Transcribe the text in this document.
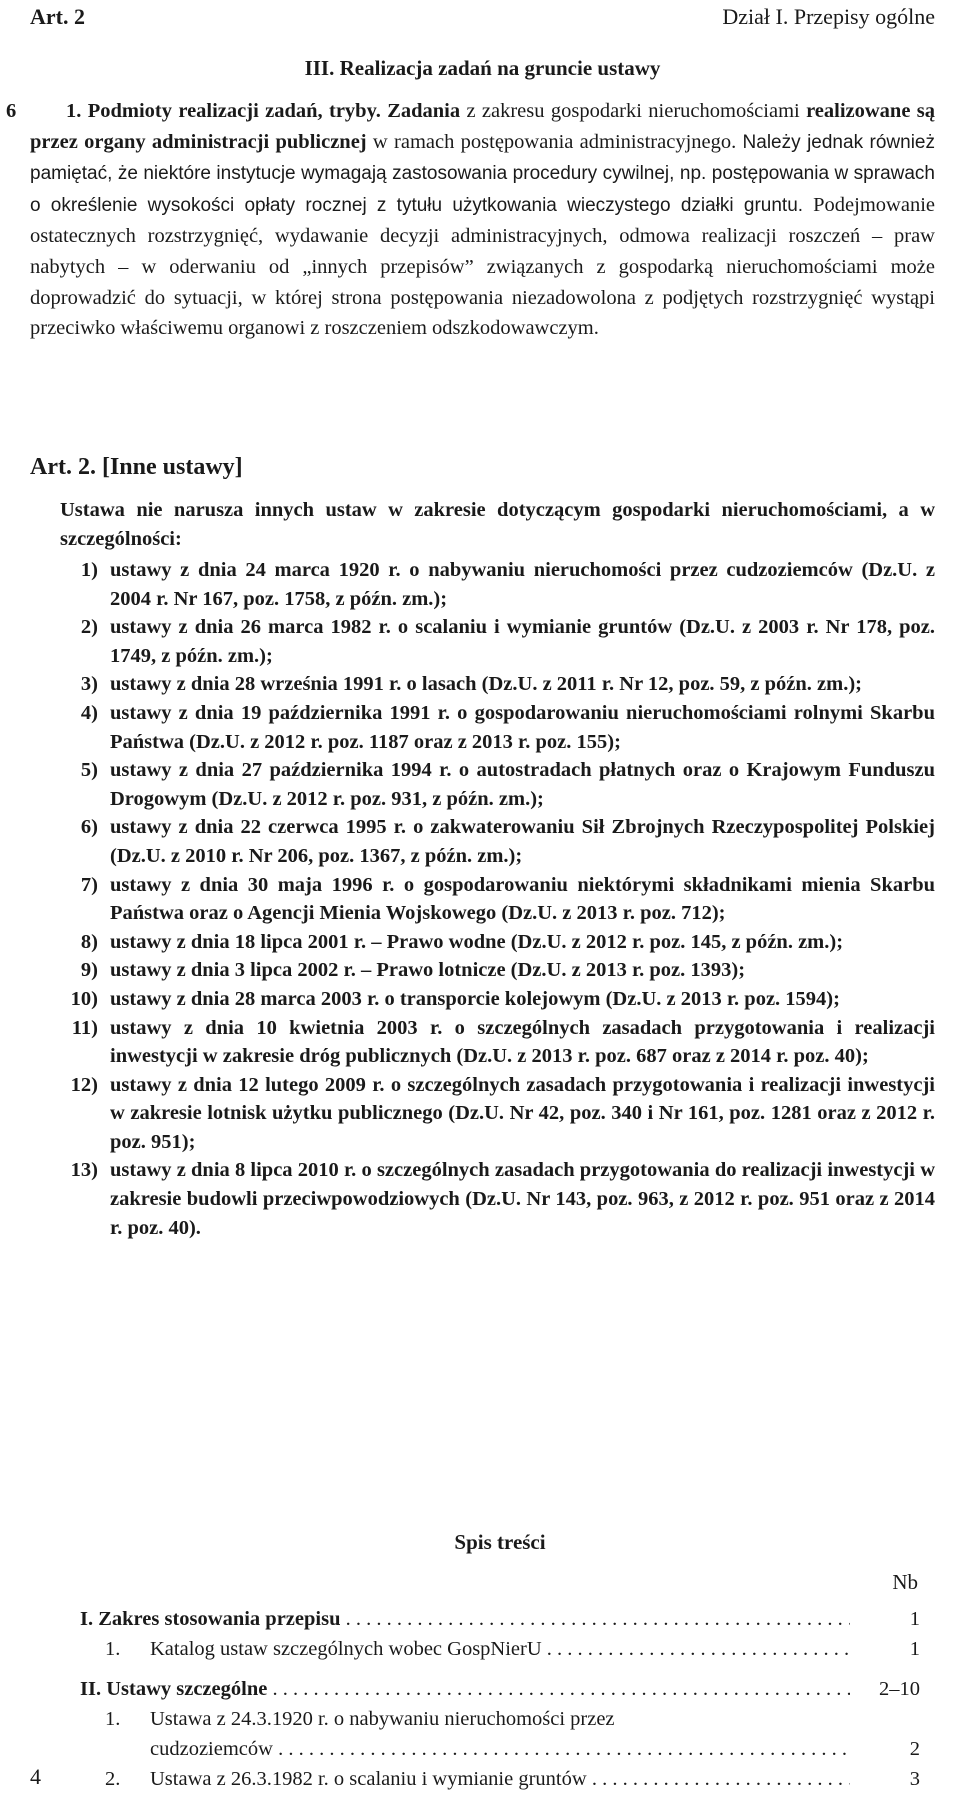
Art. 2	Dział I. Przepisy ogólne
III. Realizacja zadań na gruncie ustawy
6	1. Podmioty realizacji zadań, tryby. Zadania z zakresu gospodarki nieruchomościami realizowane są przez organy administracji publicznej w ramach postępowania administracyjnego. Należy jednak również pamiętać, że niektóre instytucje wymagają zastosowania procedury cywilnej, np. postępowania w sprawach o określenie wysokości opłaty rocznej z tytułu użytkowania wieczystego działki gruntu. Podejmowanie ostatecznych rozstrzygnięć, wydawanie decyzji administracyjnych, odmowa realizacji roszczeń – praw nabytych – w oderwaniu od „innych przepisów” związanych z gospodarką nieruchomościami może doprowadzić do sytuacji, w której strona postępowania niezadowolona z podjętych rozstrzygnięć wystąpi przeciwko właściwemu organowi z roszczeniem odszkodowawczym.

Art. 2. [Inne ustawy]
Ustawa nie narusza innych ustaw w zakresie dotyczącym gospodarki nieruchomościami, a w szczególności:
1) ustawy z dnia 24 marca 1920 r. o nabywaniu nieruchomości przez cudzoziemców (Dz.U. z 2004 r. Nr 167, poz. 1758, z późn. zm.);
2) ustawy z dnia 26 marca 1982 r. o scalaniu i wymianie gruntów (Dz.U. z 2003 r. Nr 178, poz. 1749, z późn. zm.);
3) ustawy z dnia 28 września 1991 r. o lasach (Dz.U. z 2011 r. Nr 12, poz. 59, z późn. zm.);
4) ustawy z dnia 19 października 1991 r. o gospodarowaniu nieruchomościami rolnymi Skarbu Państwa (Dz.U. z 2012 r. poz. 1187 oraz z 2013 r. poz. 155);
5) ustawy z dnia 27 października 1994 r. o autostradach płatnych oraz o Krajowym Funduszu Drogowym (Dz.U. z 2012 r. poz. 931, z późn. zm.);
6) ustawy z dnia 22 czerwca 1995 r. o zakwaterowaniu Sił Zbrojnych Rzeczypospolitej Polskiej (Dz.U. z 2010 r. Nr 206, poz. 1367, z późn. zm.);
7) ustawy z dnia 30 maja 1996 r. o gospodarowaniu niektórymi składnikami mienia Skarbu Państwa oraz o Agencji Mienia Wojskowego (Dz.U. z 2013 r. poz. 712);
8) ustawy z dnia 18 lipca 2001 r. – Prawo wodne (Dz.U. z 2012 r. poz. 145, z późn. zm.);
9) ustawy z dnia 3 lipca 2002 r. – Prawo lotnicze (Dz.U. z 2013 r. poz. 1393);
10) ustawy z dnia 28 marca 2003 r. o transporcie kolejowym (Dz.U. z 2013 r. poz. 1594);
11) ustawy z dnia 10 kwietnia 2003 r. o szczególnych zasadach przygotowania i realizacji inwestycji w zakresie dróg publicznych (Dz.U. z 2013 r. poz. 687 oraz z 2014 r. poz. 40);
12) ustawy z dnia 12 lutego 2009 r. o szczególnych zasadach przygotowania i realizacji inwestycji w zakresie lotnisk użytku publicznego (Dz.U. Nr 42, poz. 340 i Nr 161, poz. 1281 oraz z 2012 r. poz. 951);
13) ustawy z dnia 8 lipca 2010 r. o szczególnych zasadach przygotowania do realizacji inwestycji w zakresie budowli przeciwpowodziowych (Dz.U. Nr 143, poz. 963, z 2012 r. poz. 951 oraz z 2014 r. poz. 40).
Spis treści
Nb
I. Zakres stosowania przepisu . . .	1
1. Katalog ustaw szczególnych wobec GospNierU . . .	1
II. Ustawy szczególne . . .	2–10
1.	Ustawa z 24.3.1920 r. o nabywaniu nieruchomości przez
cudzoziemców . . .	2
2. Ustawa z 26.3.1982 r. o scalaniu i wymianie gruntów . . .	3
4
